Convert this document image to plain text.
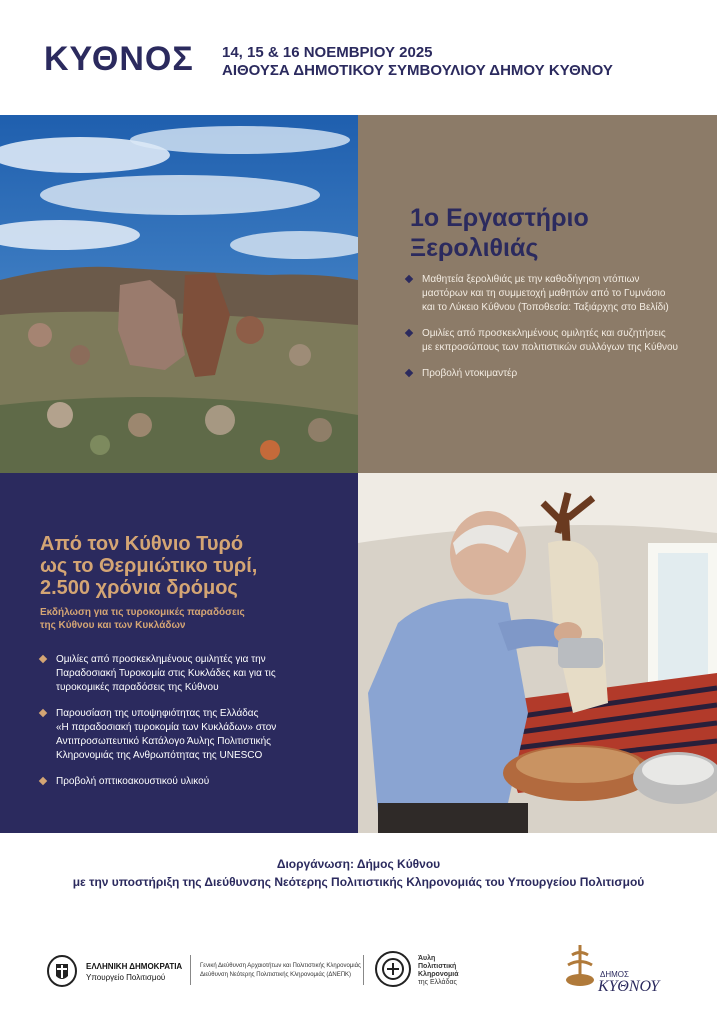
ΚΥΘΝΟΣ 14, 15 & 16 ΝΟΕΜΒΡΙΟΥ 2025
ΑΙΘΟΥΣΑ ΔΗΜΟΤΙΚΟΥ ΣΥΜΒΟΥΛΙΟΥ ΔΗΜΟΥ ΚΥΘΝΟΥ
1ο Εργαστήριο
Ξερολιθιάς
Μαθητεία ξερολιθιάς με την καθοδήγηση ντόπιων
μαστόρων και τη συμμετοχή μαθητών από το Γυμνάσιο
και το Λύκειο Κύθνου (Τοποθεσία: Ταξιάρχης στο Βελίδι)
Ομιλίες από προσκεκλημένους ομιλητές και συζητήσεις
με εκπροσώπους των πολιτιστικών συλλόγων της Κύθνου
Προβολή ντοκιμαντέρ
Από τον Κύθνιο Τυρό
ως το Θερμιώτικο τυρί,
2.500 χρόνια δρόμος
Εκδήλωση για τις τυροκομικές παραδόσεις
της Κύθνου και των Κυκλάδων
Ομιλίες από προσκεκλημένους ομιλητές για την
Παραδοσιακή Τυροκομία στις Κυκλάδες και για τις
τυροκομικές παραδόσεις της Κύθνου
Παρουσίαση της υποψηφιότητας της Ελλάδας
«Η παραδοσιακή τυροκομία των Κυκλάδων» στον
Αντιπροσωπευτικό Κατάλογο Άυλης Πολιτιστικής
Κληρονομιάς της Ανθρωπότητας της UNESCO
Προβολή οπτικοακουστικού υλικού
Διοργάνωση: Δήμος Κύθνου
με την υποστήριξη της Διεύθυνσης Νεότερης Πολιτιστικής Κληρονομιάς του Υπουργείου Πολιτισμού
ΕΛΛΗΝΙΚΗ ΔΗΜΟΚΡΑΤΙΑ
Υπουργείο Πολιτισμού
Γενική Διεύθυνση Αρχαιοτήτων και Πολιτιστικής Κληρονομιάς
Διεύθυνση Νεότερης Πολιτιστικής Κληρονομιάς (ΔΝΕΠΚ)
Άυλη
Πολιτιστική
Κληρονομιά
της Ελλάδας
ΔΗΜΟΣ
ΚΥΘΝΟΥ
